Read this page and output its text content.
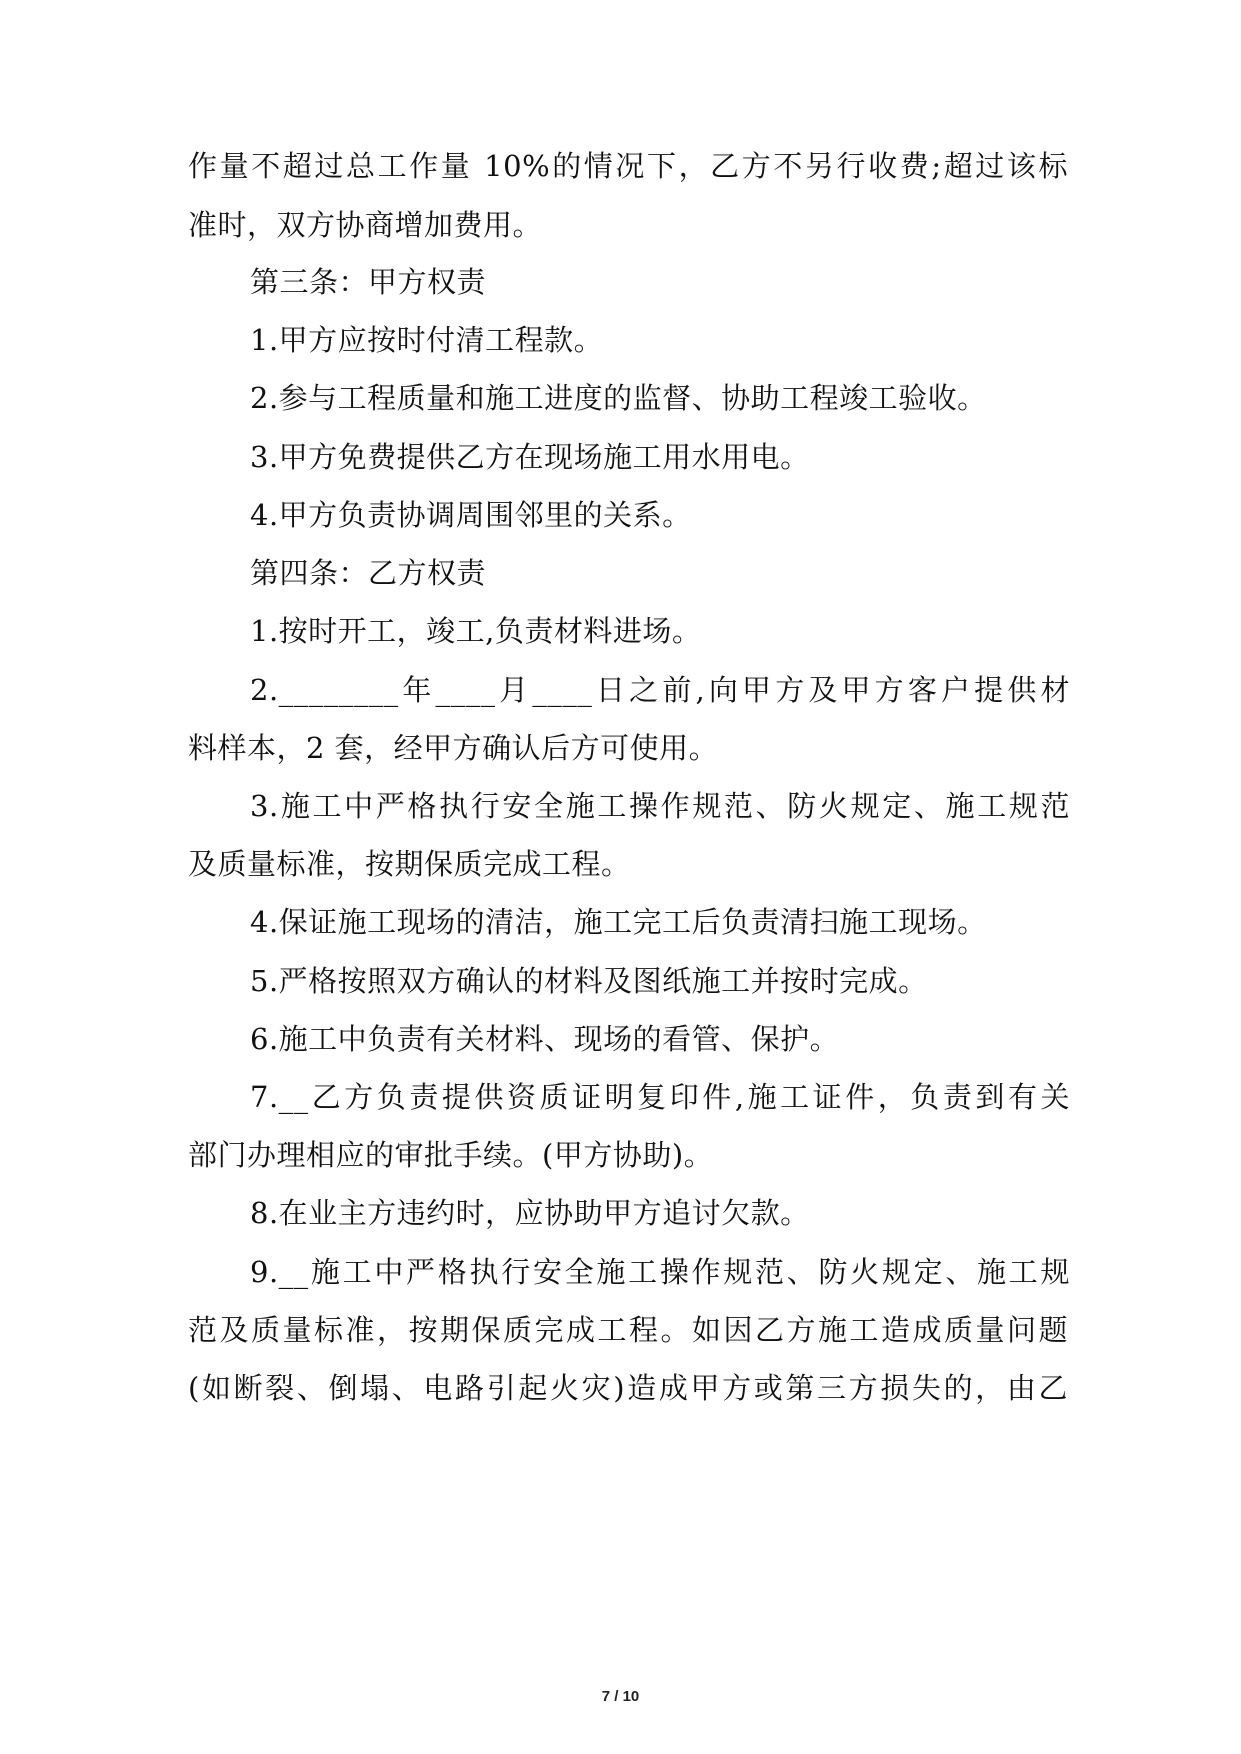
作量不超过总工作量 10%的情况下，乙方不另行收费;超过该标
准时，双方协商增加费用。
第三条：甲方权责
1.甲方应按时付清工程款。
2.参与工程质量和施工进度的监督、协助工程竣工验收。
3.甲方免费提供乙方在现场施工用水用电。
4.甲方负责协调周围邻里的关系。
第四条：乙方权责
1.按时开工，竣工,负责材料进场。
2.________年____月____日之前,向甲方及甲方客户提供材
料样本，2 套，经甲方确认后方可使用。
3.施工中严格执行安全施工操作规范、防火规定、施工规范
及质量标准，按期保质完成工程。
4.保证施工现场的清洁，施工完工后负责清扫施工现场。
5.严格按照双方确认的材料及图纸施工并按时完成。
6.施工中负责有关材料、现场的看管、保护。
7.__乙方负责提供资质证明复印件,施工证件，负责到有关
部门办理相应的审批手续。(甲方协助)。
8.在业主方违约时，应协助甲方追讨欠款。
9.__施工中严格执行安全施工操作规范、防火规定、施工规
范及质量标准，按期保质完成工程。如因乙方施工造成质量问题
(如断裂、倒塌、电路引起火灾)造成甲方或第三方损失的，由乙
7 / 10
